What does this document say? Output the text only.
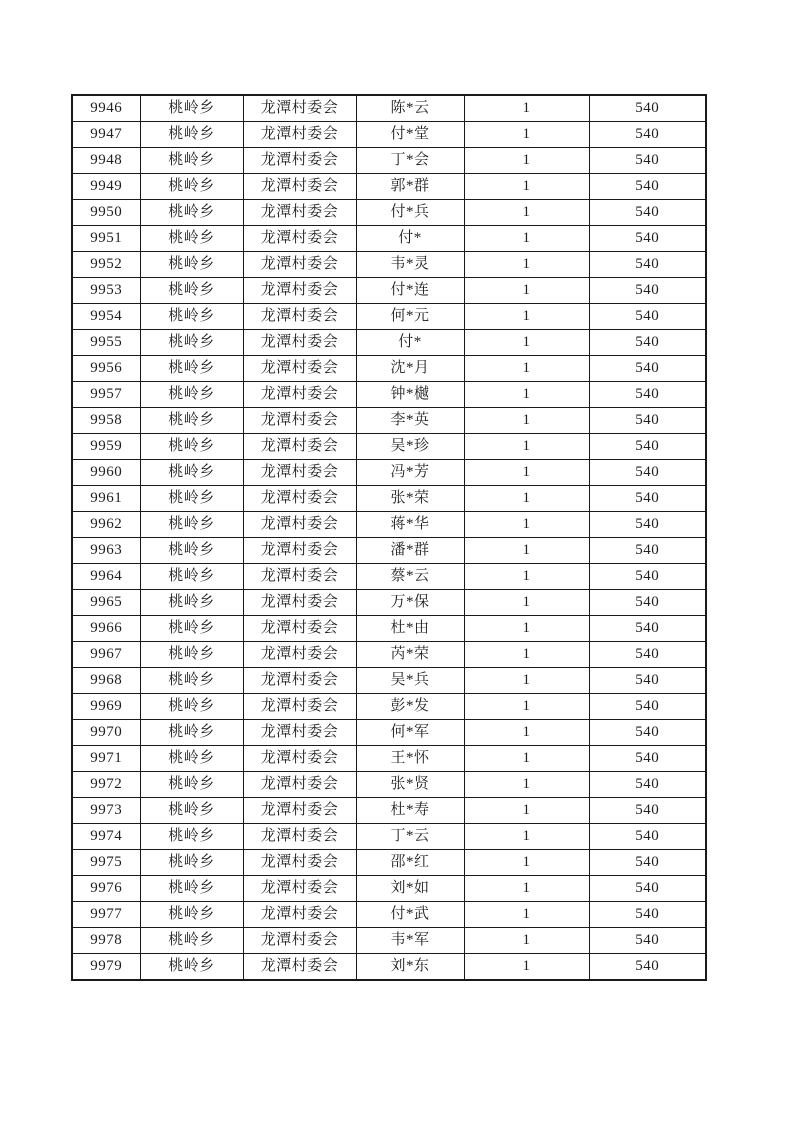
9946	桃岭乡	龙潭村委会	陈*云	1	540
9947	桃岭乡	龙潭村委会	付*堂	1	540
9948	桃岭乡	龙潭村委会	丁*会	1	540
9949	桃岭乡	龙潭村委会	郭*群	1	540
9950	桃岭乡	龙潭村委会	付*兵	1	540
9951	桃岭乡	龙潭村委会	付*	1	540
9952	桃岭乡	龙潭村委会	韦*灵	1	540
9953	桃岭乡	龙潭村委会	付*连	1	540
9954	桃岭乡	龙潭村委会	何*元	1	540
9955	桃岭乡	龙潭村委会	付*	1	540
9956	桃岭乡	龙潭村委会	沈*月	1	540
9957	桃岭乡	龙潭村委会	钟*樾	1	540
9958	桃岭乡	龙潭村委会	李*英	1	540
9959	桃岭乡	龙潭村委会	吴*珍	1	540
9960	桃岭乡	龙潭村委会	冯*芳	1	540
9961	桃岭乡	龙潭村委会	张*荣	1	540
9962	桃岭乡	龙潭村委会	蒋*华	1	540
9963	桃岭乡	龙潭村委会	潘*群	1	540
9964	桃岭乡	龙潭村委会	蔡*云	1	540
9965	桃岭乡	龙潭村委会	万*保	1	540
9966	桃岭乡	龙潭村委会	杜*由	1	540
9967	桃岭乡	龙潭村委会	芮*荣	1	540
9968	桃岭乡	龙潭村委会	吴*兵	1	540
9969	桃岭乡	龙潭村委会	彭*发	1	540
9970	桃岭乡	龙潭村委会	何*军	1	540
9971	桃岭乡	龙潭村委会	王*怀	1	540
9972	桃岭乡	龙潭村委会	张*贤	1	540
9973	桃岭乡	龙潭村委会	杜*寿	1	540
9974	桃岭乡	龙潭村委会	丁*云	1	540
9975	桃岭乡	龙潭村委会	邵*红	1	540
9976	桃岭乡	龙潭村委会	刘*如	1	540
9977	桃岭乡	龙潭村委会	付*武	1	540
9978	桃岭乡	龙潭村委会	韦*军	1	540
9979	桃岭乡	龙潭村委会	刘*东	1	540
